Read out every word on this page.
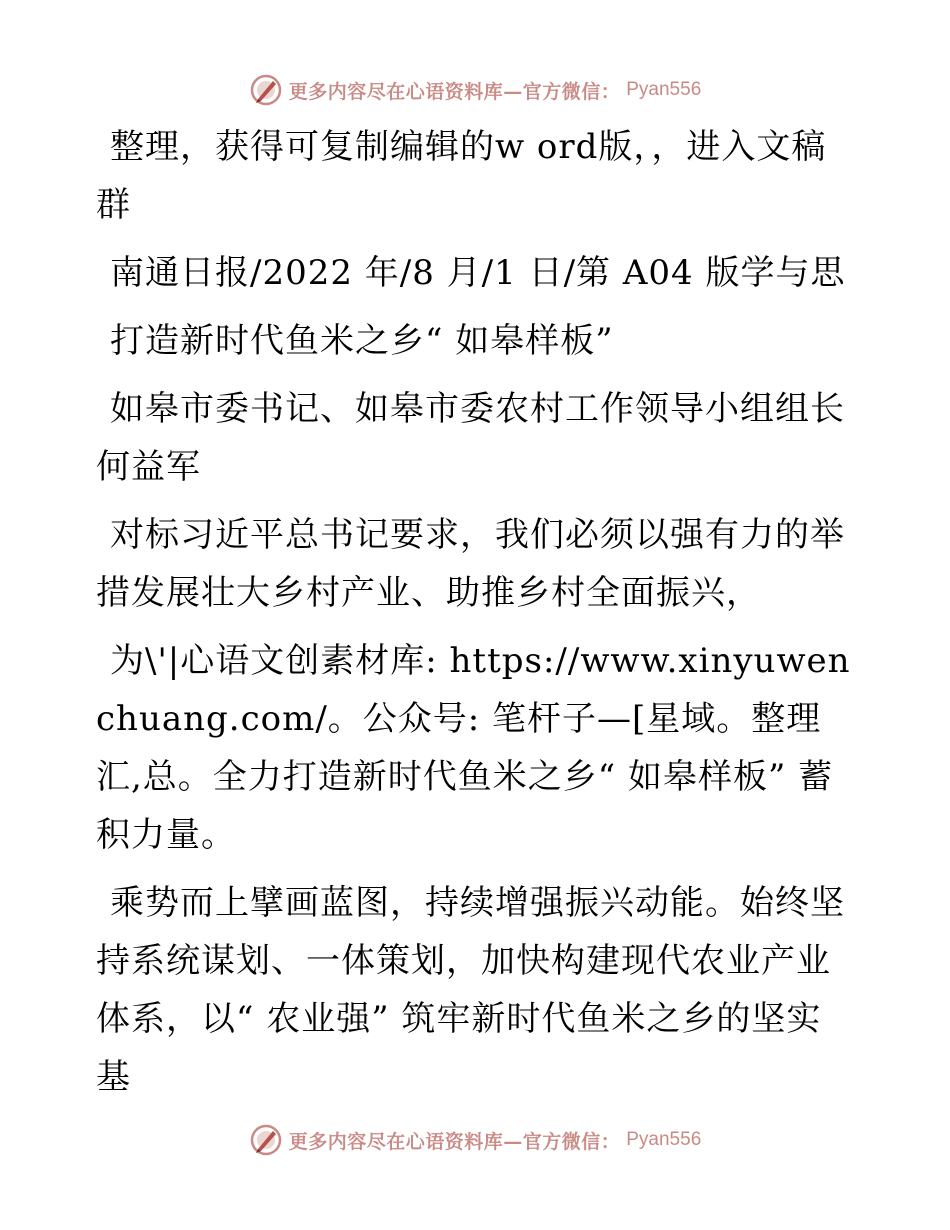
更多内容尽在心语资料库—官方微信： Pyan556

整理，获得可复制编辑的w ord版，，进入文稿群

南通日报/2022 年/8 月/1 日/第 A04 版学与思

打造新时代鱼米之乡“ 如皋样板”

如皋市委书记、如皋市委农村工作领导小组组长何益军

对标习近平总书记要求，我们必须以强有力的举措发展壮大乡村产业、助推乡村全面振兴，

为\'|心语文创素材库: https://www.xinyuwenchuang.com/。公众号: 笔杆子—[星域。整理汇,总。全力打造新时代鱼米之乡“ 如皋样板” 蓄积力量。

乘势而上擘画蓝图，持续增强振兴动能。始终坚持系统谋划、一体策划，加快构建现代农业产业体系，以“ 农业强” 筑牢新时代鱼米之乡的坚实基

更多内容尽在心语资料库—官方微信： Pyan556
